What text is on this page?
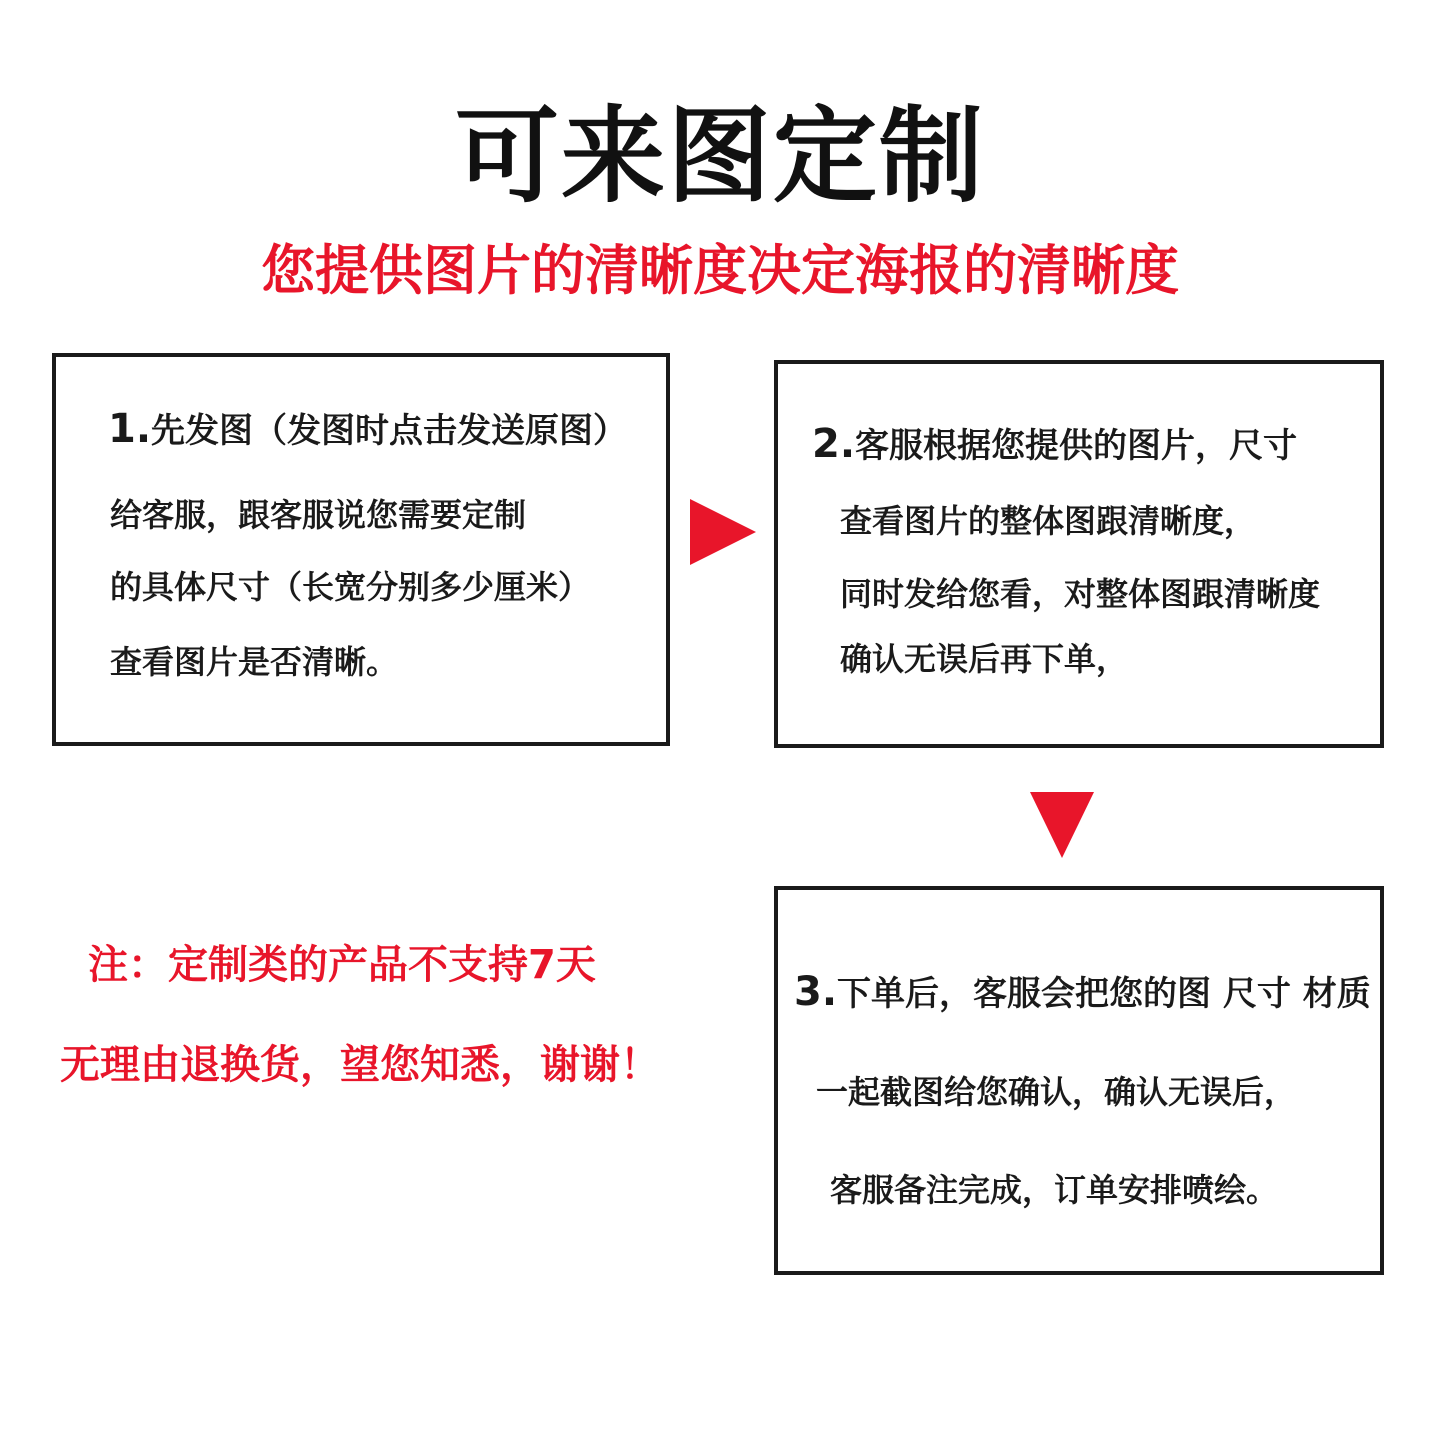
可来图定制
您提供图片的清晰度决定海报的清晰度

1.先发图（发图时点击发送原图）

给客服，跟客服说您需要定制

的具体尺寸（长宽分别多少厘米）

查看图片是否清晰。

2.客服根据您提供的图片，尺寸

查看图片的整体图跟清晰度，

同时发给您看，对整体图跟清晰度

确认无误后再下单，

3.下单后，客服会把您的图 尺寸 材质

一起截图给您确认，确认无误后，

客服备注完成，订单安排喷绘。

注：定制类的产品不支持7天

无理由退换货，望您知悉，谢谢！
